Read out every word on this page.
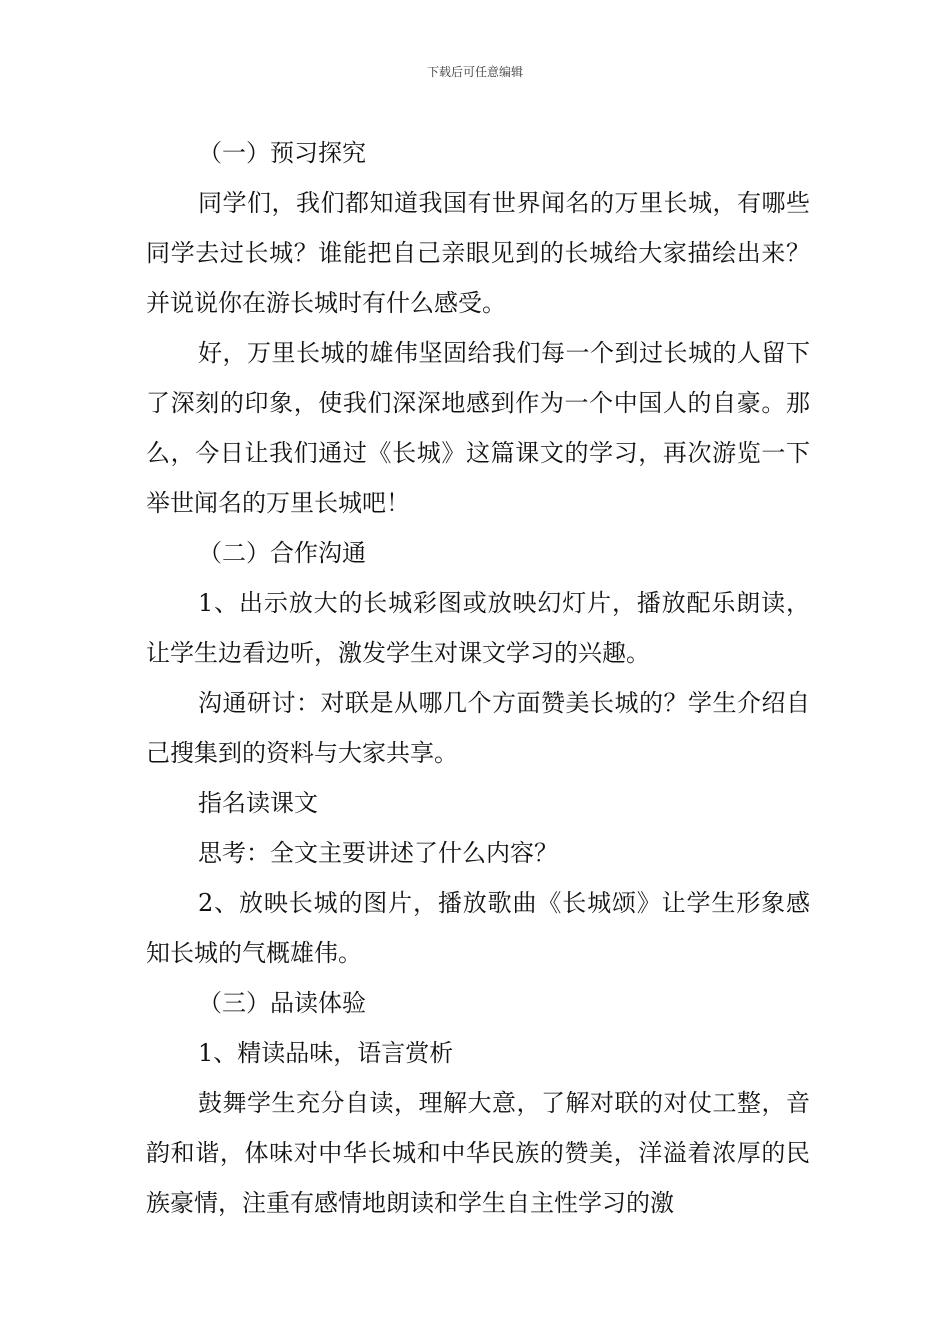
下载后可任意编辑

（一）预习探究

同学们，我们都知道我国有世界闻名的万里长城，有哪些同学去过长城？谁能把自己亲眼见到的长城给大家描绘出来？并说说你在游长城时有什么感受。

好，万里长城的雄伟坚固给我们每一个到过长城的人留下了深刻的印象，使我们深深地感到作为一个中国人的自豪。那么，今日让我们通过《长城》这篇课文的学习，再次游览一下举世闻名的万里长城吧！

（二）合作沟通

1、出示放大的长城彩图或放映幻灯片，播放配乐朗读，让学生边看边听，激发学生对课文学习的兴趣。

沟通研讨：对联是从哪几个方面赞美长城的？学生介绍自己搜集到的资料与大家共享。

指名读课文

思考：全文主要讲述了什么内容？

2、放映长城的图片，播放歌曲《长城颂》让学生形象感知长城的气概雄伟。

（三）品读体验

1、精读品味，语言赏析

鼓舞学生充分自读，理解大意，了解对联的对仗工整，音韵和谐，体味对中华长城和中华民族的赞美，洋溢着浓厚的民族豪情，注重有感情地朗读和学生自主性学习的激
